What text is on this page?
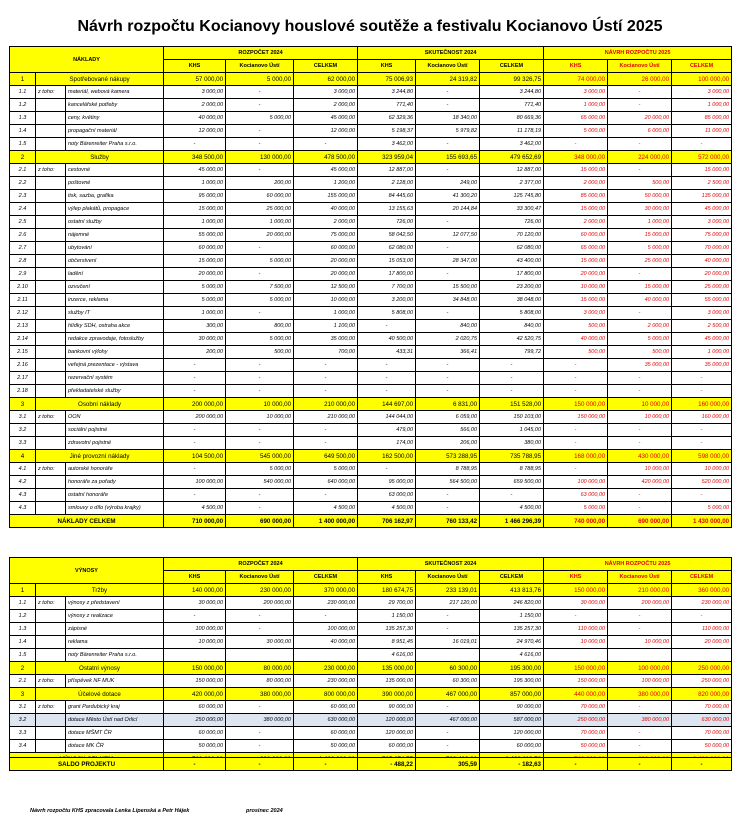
Návrh rozpočtu Kocianovy houslové soutěže a festivalu Kocianovo Ústí 2025
NÁKLADY			ROZPOČET 2024			SKUTEČNOST 2024			NÁVRH ROZPOČTU 2025		
			KHS	Kocianovo Ústí	CELKEM	KHS	Kocianovo Ústí	CELKEM	KHS	Kocianovo Ústí	CELKEM
1	Spotřebované nákupy		57 000,00	5 000,00	62 000,00	75 006,93	24 319,82	99 326,75	74 000,00	26 000,00	100 000,00
1.1	z toho:	materiál, webová kamera	3 000,00	-	3 000,00	3 244,80	-	3 244,80	3 000,00	-	3 000,00
1.2		kancelářské potřeby	2 000,00	-	2 000,00	771,40	-	771,40	1 000,00	-	1 000,00
1.3		ceny, květiny	40 000,00	5 000,00	45 000,00	62 329,36	18 340,00	80 669,36	65 000,00	20 000,00	85 000,00
1.4		propagační materiál	12 000,00	-	12 000,00	5 198,37	5 979,82	11 178,19	5 000,00	6 000,00	11 000,00
1.5		noty Bärenreiter Praha s.r.o.	-	-	-	3 462,00	-	3 462,00	-	-	-
2	Služby		348 500,00	130 000,00	478 500,00	323 959,04	155 693,65	479 652,69	348 000,00	224 000,00	572 000,00
2.1	z toho:	cestovné	45 000,00	-	45 000,00	12 887,00	-	12 887,00	15 000,00	-	15 000,00
2.2		poštovné	1 000,00	200,00	1 200,00	2 128,00	249,00	2 377,00	2 000,00	500,00	2 500,00
2.3		tisk, sazba, grafika	95 000,00	60 000,00	155 000,00	84 445,60	41 300,20	125 745,80	85 000,00	50 000,00	135 000,00
2.4		výlep plakátů, propagace	15 000,00	25 000,00	40 000,00	13 155,63	20 144,84	33 300,47	15 000,00	30 000,00	45 000,00
2.5		ostatní služby	1 000,00	1 000,00	2 000,00	726,00	-	726,00	2 000,00	1 000,00	3 000,00
2.6		nájemné	55 000,00	20 000,00	75 000,00	58 042,50	12 077,50	70 120,00	60 000,00	15 000,00	75 000,00
2.7		ubytování	60 000,00	-	60 000,00	62 080,00	-	62 080,00	65 000,00	5 000,00	70 000,00
2.8		občerstvení	15 000,00	5 000,00	20 000,00	15 053,00	28 347,00	43 400,00	15 000,00	25 000,00	40 000,00
2.9		ladění	20 000,00	-	20 000,00	17 800,00	-	17 800,00	20 000,00	-	20 000,00
2.10		ozvučení	5 000,00	7 500,00	12 500,00	7 700,00	15 500,00	23 200,00	10 000,00	15 000,00	25 000,00
2.11		inzerce, reklama	5 000,00	5 000,00	10 000,00	3 200,00	34 848,00	38 048,00	15 000,00	40 000,00	55 000,00
2.12		služby IT	1 000,00	-	1 000,00	5 808,00	-	5 808,00	3 000,00	-	3 000,00
2.13		hlídky SDH, ostraha akce	300,00	800,00	1 100,00	-	840,00	840,00	500,00	2 000,00	2 500,00
2.14		redakce zpravodaje, fotoslužby	30 000,00	5 000,00	35 000,00	40 500,00	2 020,75	42 520,75	40 000,00	5 000,00	45 000,00
2.15		bankovní výlohy	200,00	500,00	700,00	433,31	366,41	799,72	500,00	500,00	1 000,00
2.16		veřejná prezentace - výstava	-	-	-	-	-	-	-	35 000,00	35 000,00
2.17		rezervační systém	-	-	-	-	-	-	-	-	-
2.18		překladatelské služby	-	-	-	-	-	-	-	-	-
3	Osobní náklady		200 000,00	10 000,00	210 000,00	144 697,00	6 831,00	151 528,00	150 000,00	10 000,00	160 000,00
3.1	z toho:	OON	200 000,00	10 000,00	210 000,00	144 044,00	6 059,00	150 103,00	150 000,00	10 000,00	160 000,00
3.2		sociální pojistné	-	-	-	479,00	566,00	1 045,00	-	-	-
3.3		zdravotní pojistné	-	-	-	174,00	206,00	380,00	-	-	-
4	Jiné provozní náklady		104 500,00	545 000,00	649 500,00	162 500,00	573 288,95	735 788,95	168 000,00	430 000,00	598 000,00
4.1	z toho:	autorské honoráře	-	5 000,00	5 000,00	-	8 788,95	8 788,95	-	10 000,00	10 000,00
4.2		honoráře za pořady	100 000,00	540 000,00	640 000,00	95 000,00	564 500,00	659 500,00	100 000,00	420 000,00	520 000,00
4.3		ostatní honoráře	-	-	-	63 000,00	-	-	63 000,00	-	-
4.3		smlouvy o dílo (výroba krajky)	4 500,00	-	4 500,00	4 500,00	-	4 500,00	5 000,00	-	5 000,00
NÁKLADY CELKEM			710 000,00	690 000,00	1 400 000,00	706 162,97	760 133,42	1 466 296,39	740 000,00	690 000,00	1 430 000,00
VÝNOSY			ROZPOČET 2024			SKUTEČNOST 2024			NÁVRH ROZPOČTU 2025		
			KHS	Kocianovo Ústí	CELKEM	KHS	Kocianovo Ústí	CELKEM	KHS	Kocianovo Ústí	CELKEM
1	Tržby		140 000,00	230 000,00	370 000,00	180 674,75	233 139,01	413 813,76	150 000,00	210 000,00	360 000,00
1.1	z toho:	výnosy z představení	30 000,00	200 000,00	230 000,00	29 700,00	217 120,00	246 820,00	30 000,00	200 000,00	230 000,00
1.2		výnosy z realizace	-	-	-	1 150,00	-	1 150,00	-	-	-
1.3		zápisné	100 000,00	-	100 000,00	135 257,30	-	135 257,30	110 000,00	-	110 000,00
1.4		reklama	10 000,00	30 000,00	40 000,00	8 951,45	16 019,01	24 970,46	10 000,00	10 000,00	20 000,00
1.5		noty Bärenreiter Praha s.r.o.				4 616,00		4 616,00			
2	Ostatní výnosy		150 000,00	80 000,00	230 000,00	135 000,00	60 300,00	195 300,00	150 000,00	100 000,00	250 000,00
2.1	z toho:	příspěvek NF MUK	150 000,00	80 000,00	230 000,00	135 000,00	60 300,00	195 300,00	150 000,00	100 000,00	250 000,00
3	Účelové dotace		420 000,00	380 000,00	800 000,00	390 000,00	467 000,00	857 000,00	440 000,00	380 000,00	820 000,00
3.1	z toho:	grant Pardubický kraj	60 000,00	-	60 000,00	90 000,00	-	90 000,00	70 000,00	-	70 000,00
3.2		dotace Město Ústí nad Orlicí	250 000,00	380 000,00	630 000,00	120 000,00	467 000,00	587 000,00	250 000,00	380 000,00	630 000,00
3.3		dotace MŠMT ČR	60 000,00	-	60 000,00	120 000,00	-	120 000,00	70 000,00	-	70 000,00
3.4		dotace MK ČR	50 000,00	-	50 000,00	60 000,00	-	60 000,00	50 000,00	-	50 000,00

SALDO PROJEKTU	-	-	-	- 488,22	305,59	- 182,63	-	-	-
Návrh rozpočtu KHS zpracovala Lenka Lipenská a Petr Hájek	prosinec 2024
